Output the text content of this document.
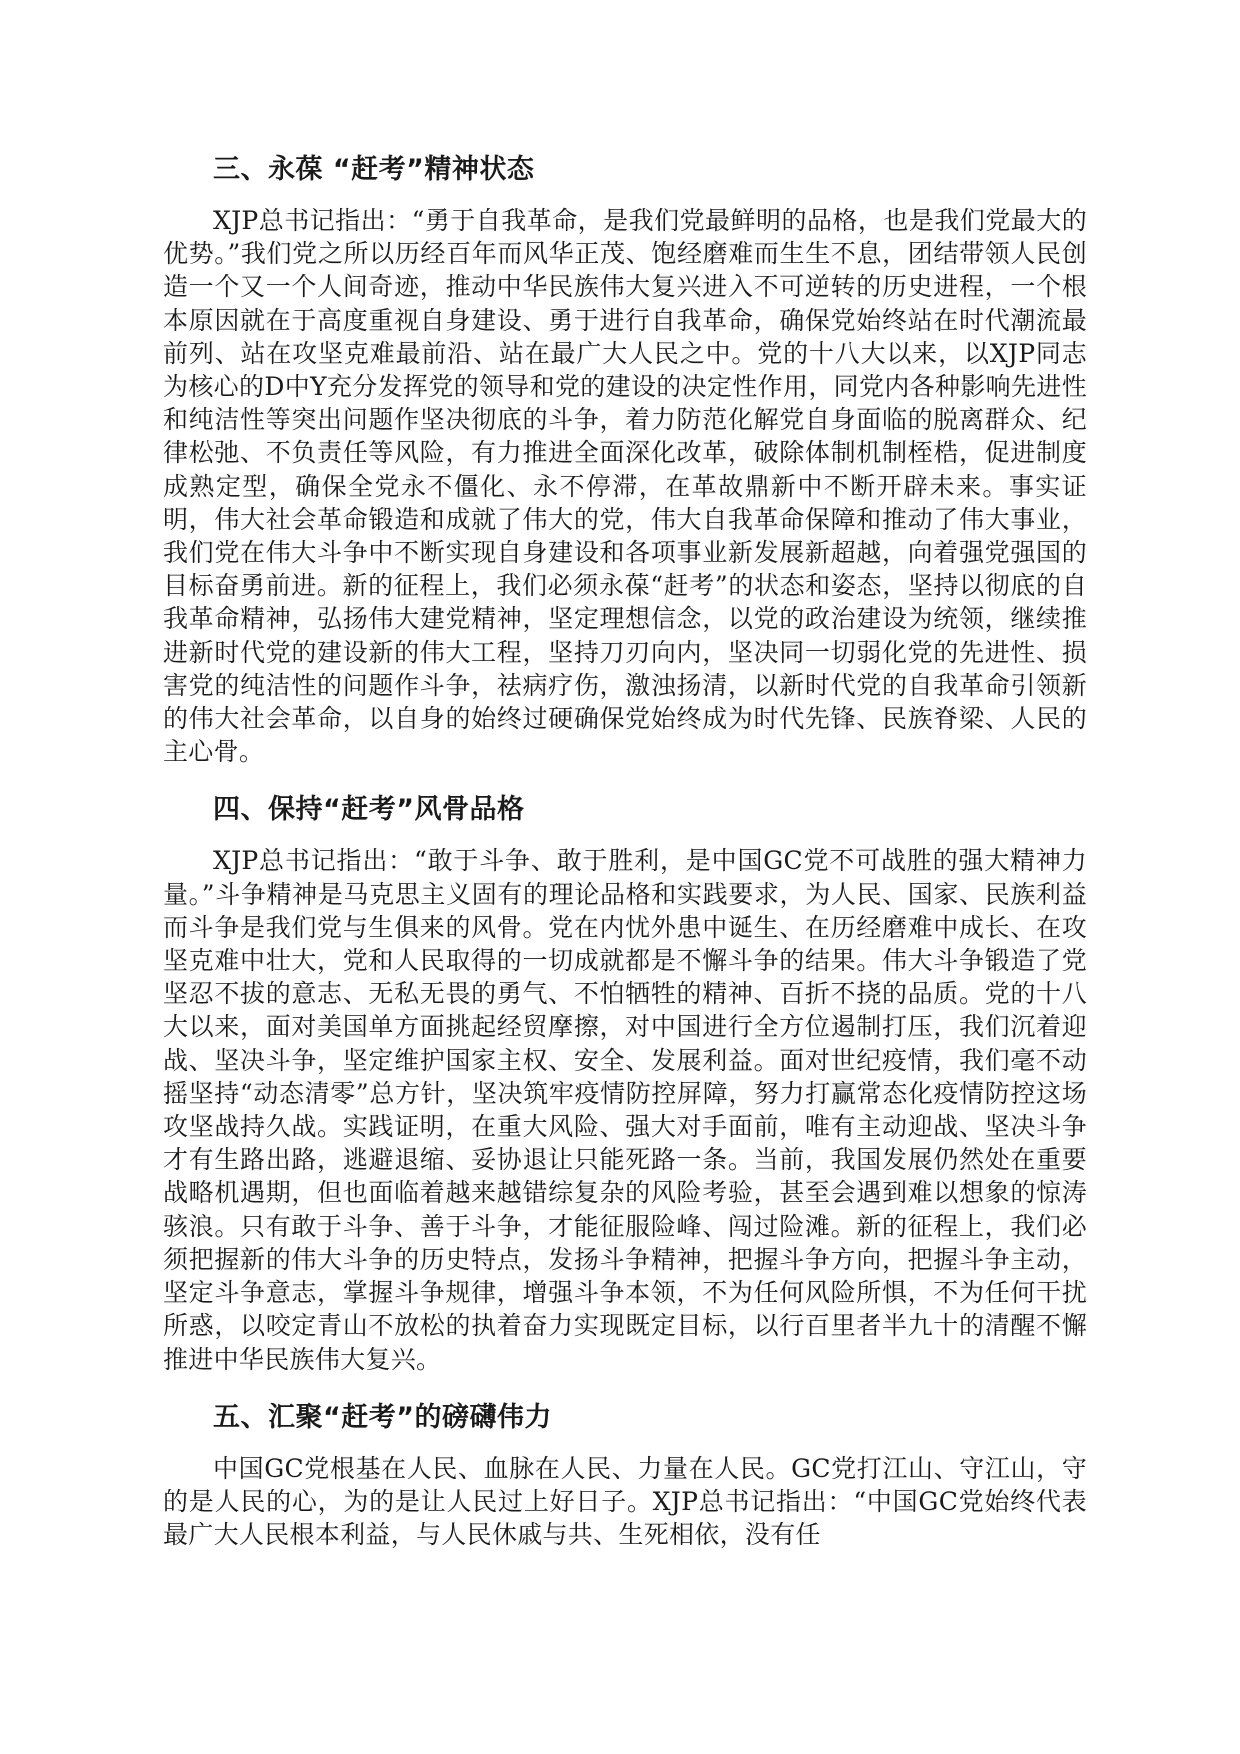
三、永葆 “赶考”精神状态

XJP总书记指出：“勇于自我革命，是我们党最鲜明的品格，也是我们党最大的优势。”我们党之所以历经百年而风华正茂、饱经磨难而生生不息，团结带领人民创造一个又一个人间奇迹，推动中华民族伟大复兴进入不可逆转的历史进程，一个根本原因就在于高度重视自身建设、勇于进行自我革命，确保党始终站在时代潮流最前列、站在攻坚克难最前沿、站在最广大人民之中。党的十八大以来，以XJP同志为核心的D中Y充分发挥党的领导和党的建设的决定性作用，同党内各种影响先进性和纯洁性等突出问题作坚决彻底的斗争，着力防范化解党自身面临的脱离群众、纪律松弛、不负责任等风险，有力推进全面深化改革，破除体制机制桎梏，促进制度成熟定型，确保全党永不僵化、永不停滞，在革故鼎新中不断开辟未来。事实证明，伟大社会革命锻造和成就了伟大的党，伟大自我革命保障和推动了伟大事业，我们党在伟大斗争中不断实现自身建设和各项事业新发展新超越，向着强党强国的目标奋勇前进。新的征程上，我们必须永葆“赶考”的状态和姿态，坚持以彻底的自我革命精神，弘扬伟大建党精神，坚定理想信念，以党的政治建设为统领，继续推进新时代党的建设新的伟大工程，坚持刀刃向内，坚决同一切弱化党的先进性、损害党的纯洁性的问题作斗争，祛病疗伤，激浊扬清，以新时代党的自我革命引领新的伟大社会革命，以自身的始终过硬确保党始终成为时代先锋、民族脊梁、人民的主心骨。

四、保持“赶考”风骨品格

XJP总书记指出：“敢于斗争、敢于胜利，是中国GC党不可战胜的强大精神力量。”斗争精神是马克思主义固有的理论品格和实践要求，为人民、国家、民族利益而斗争是我们党与生俱来的风骨。党在内忧外患中诞生、在历经磨难中成长、在攻坚克难中壮大，党和人民取得的一切成就都是不懈斗争的结果。伟大斗争锻造了党坚忍不拔的意志、无私无畏的勇气、不怕牺牲的精神、百折不挠的品质。党的十八大以来，面对美国单方面挑起经贸摩擦，对中国进行全方位遏制打压，我们沉着迎战、坚决斗争，坚定维护国家主权、安全、发展利益。面对世纪疫情，我们毫不动摇坚持“动态清零”总方针，坚决筑牢疫情防控屏障，努力打赢常态化疫情防控这场攻坚战持久战。实践证明，在重大风险、强大对手面前，唯有主动迎战、坚决斗争才有生路出路，逃避退缩、妥协退让只能死路一条。当前，我国发展仍然处在重要战略机遇期，但也面临着越来越错综复杂的风险考验，甚至会遇到难以想象的惊涛骇浪。只有敢于斗争、善于斗争，才能征服险峰、闯过险滩。新的征程上，我们必须把握新的伟大斗争的历史特点，发扬斗争精神，把握斗争方向，把握斗争主动，坚定斗争意志，掌握斗争规律，增强斗争本领，不为任何风险所惧，不为任何干扰所惑，以咬定青山不放松的执着奋力实现既定目标，以行百里者半九十的清醒不懈推进中华民族伟大复兴。

五、汇聚“赶考”的磅礴伟力

中国GC党根基在人民、血脉在人民、力量在人民。GC党打江山、守江山，守的是人民的心，为的是让人民过上好日子。XJP总书记指出：“中国GC党始终代表最广大人民根本利益，与人民休戚与共、生死相依，没有任
